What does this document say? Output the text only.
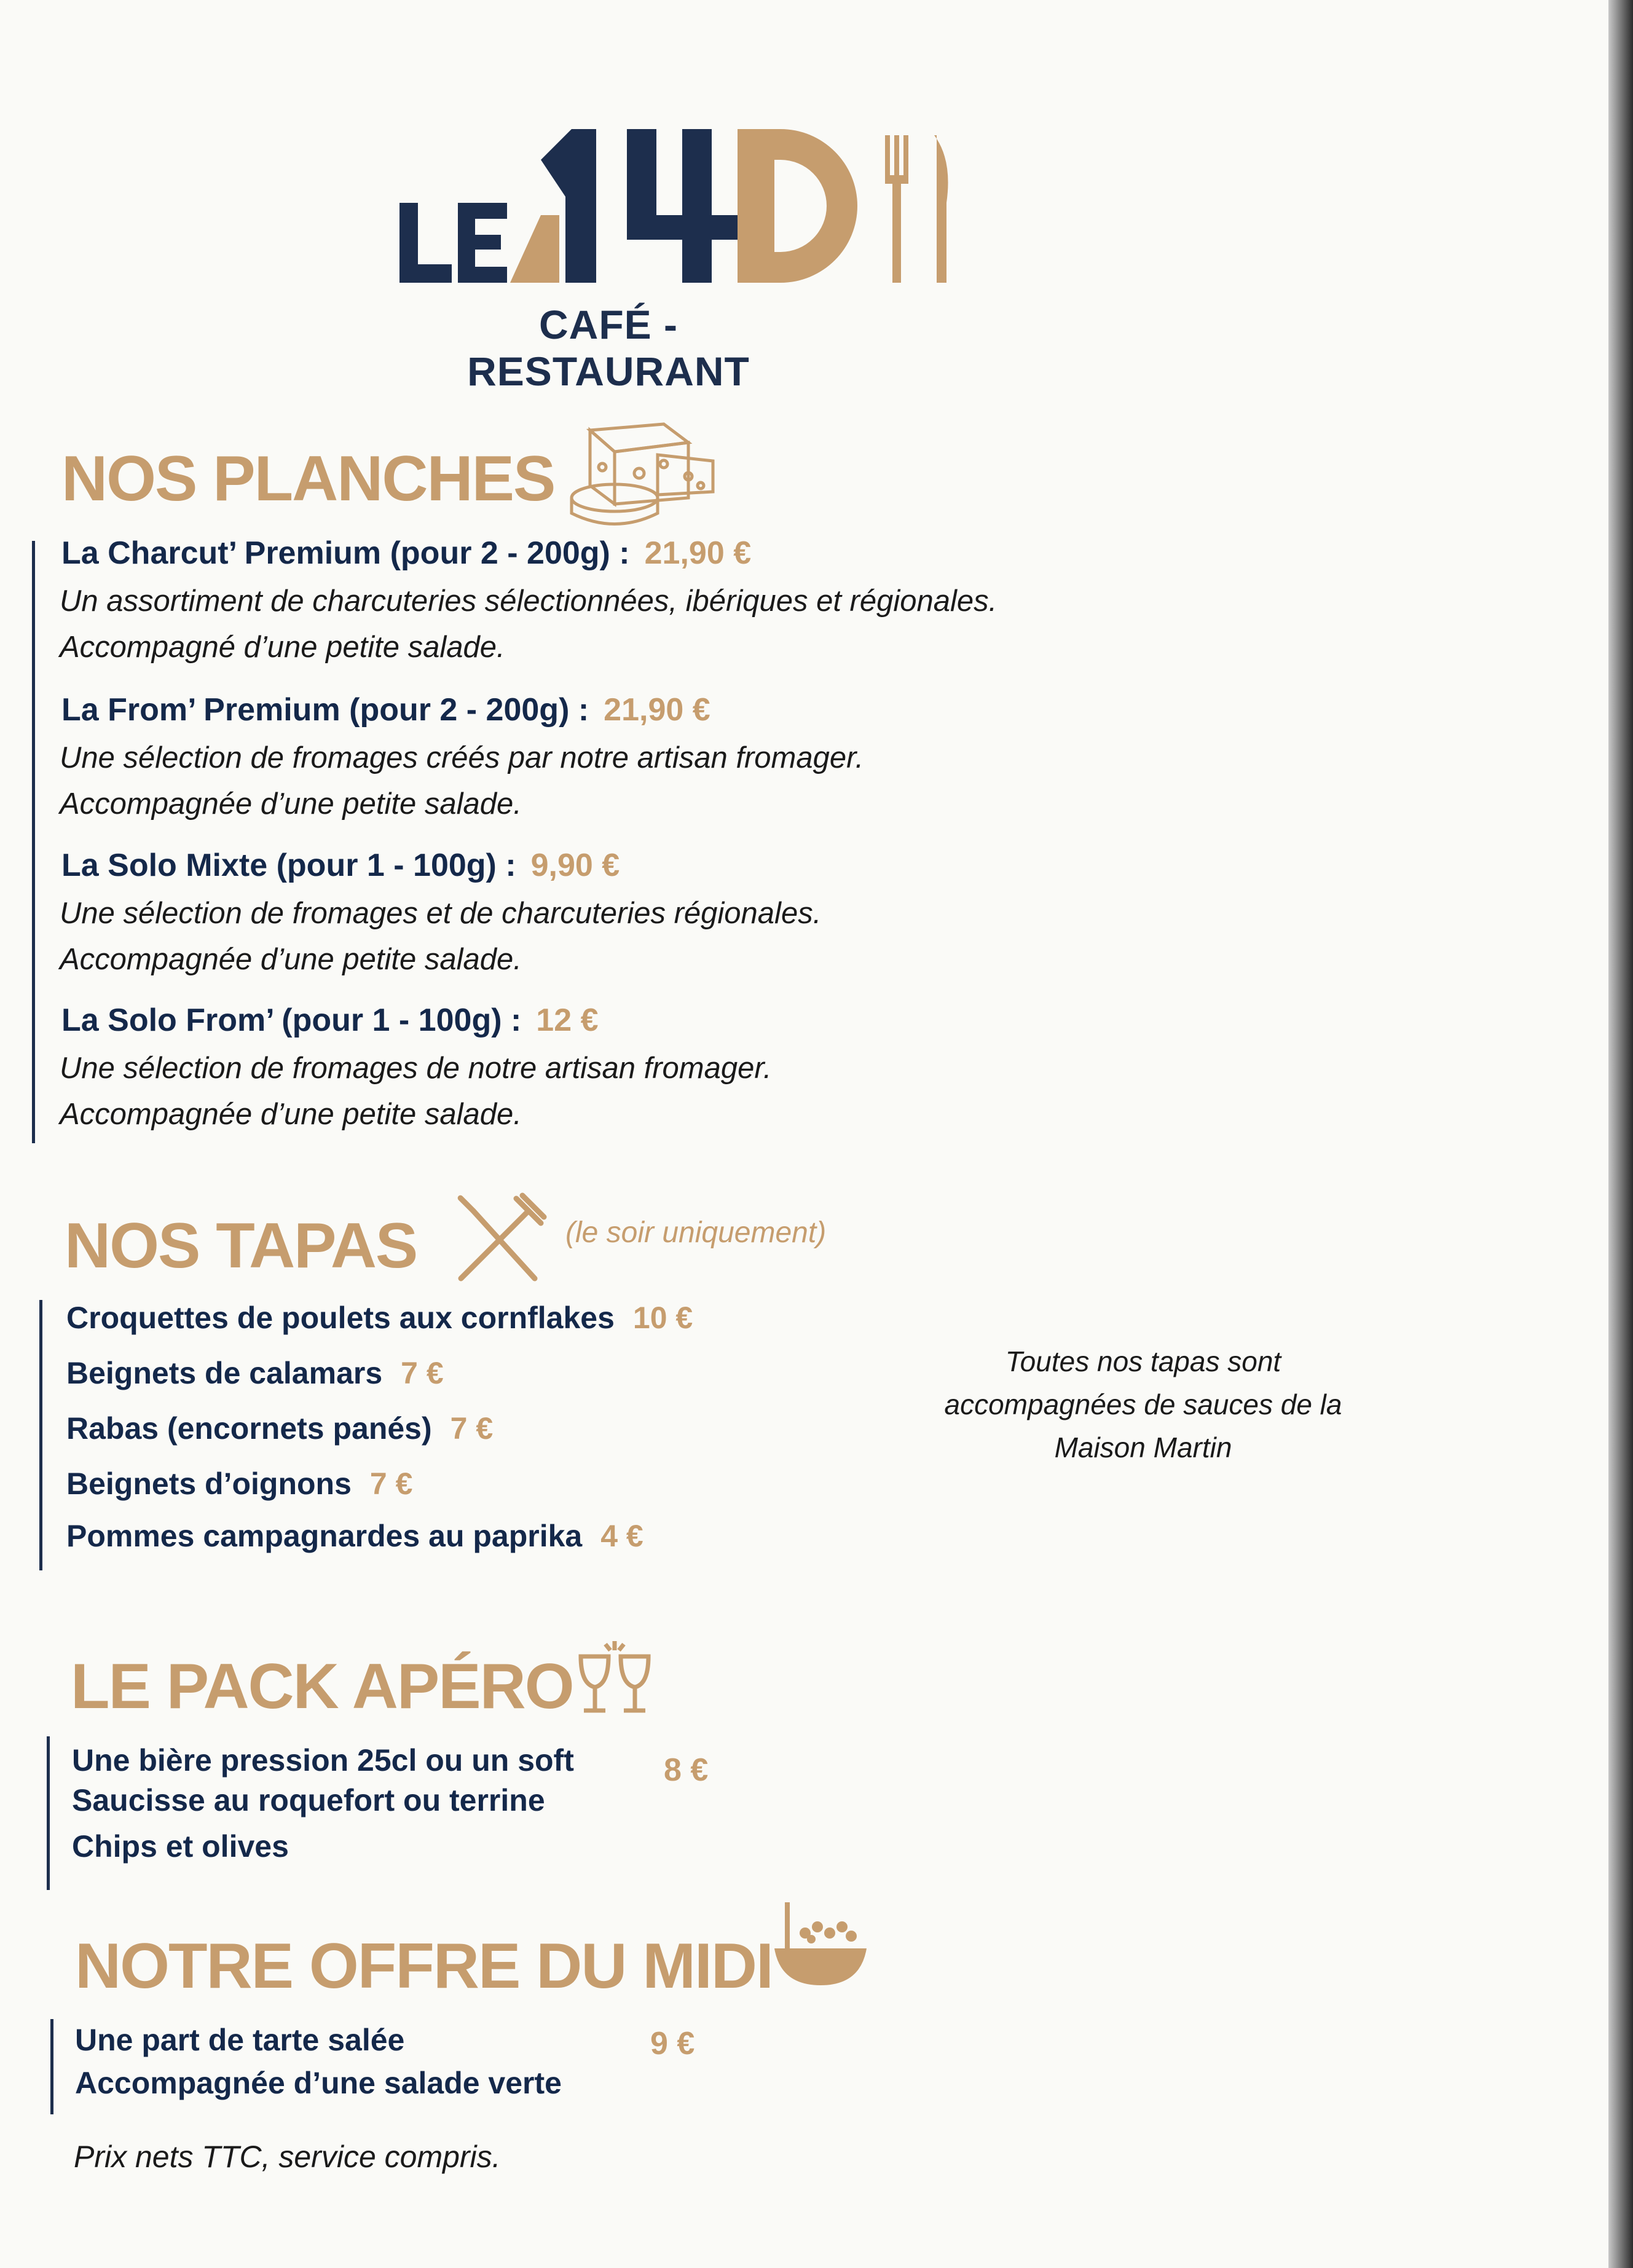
CAFÉ - RESTAURANT
NOS PLANCHES
La Charcut’ Premium (pour 2 - 200g) : 21,90 €
Un assortiment de charcuteries sélectionnées, ibériques et régionales.
Accompagné d’une petite salade.
La From’ Premium (pour 2 - 200g) : 21,90 €
Une sélection de fromages créés par notre artisan fromager.
Accompagnée d’une petite salade.
La Solo Mixte (pour 1 - 100g) : 9,90 €
Une sélection de fromages et de charcuteries régionales.
Accompagnée d’une petite salade.
La Solo From’ (pour 1 - 100g) : 12 €
Une sélection de fromages de notre artisan fromager.
Accompagnée d’une petite salade.
NOS TAPAS	(le soir uniquement)
Croquettes de poulets aux cornflakes 10 €
Beignets de calamars 7 €
Rabas (encornets panés) 7 €
Beignets d’oignons 7 €
Pommes campagnardes au paprika 4 €
Toutes nos tapas sont
accompagnées de sauces de la
Maison Martin
LE PACK APÉRO
Une bière pression 25cl ou un soft
Saucisse au roquefort ou terrine
Chips et olives
8 €
NOTRE OFFRE DU MIDI
Une part de tarte salée
Accompagnée d’une salade verte
9 €
Prix nets TTC, service compris.
